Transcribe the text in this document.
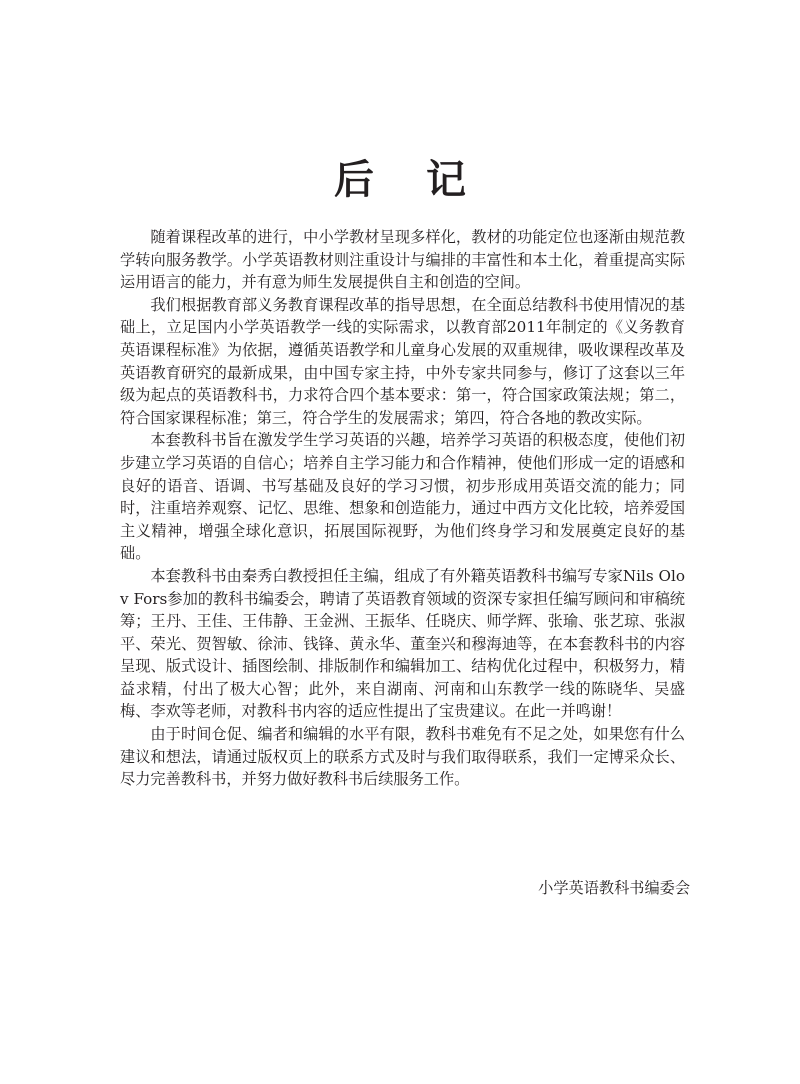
后记

随着课程改革的进行，中小学教材呈现多样化，教材的功能定位也逐渐由规范教学转向服务教学。小学英语教材则注重设计与编排的丰富性和本土化，着重提高实际运用语言的能力，并有意为师生发展提供自主和创造的空间。

我们根据教育部义务教育课程改革的指导思想，在全面总结教科书使用情况的基础上，立足国内小学英语教学一线的实际需求，以教育部2011年制定的《义务教育英语课程标准》为依据，遵循英语教学和儿童身心发展的双重规律，吸收课程改革及英语教育研究的最新成果，由中国专家主持，中外专家共同参与，修订了这套以三年级为起点的英语教科书，力求符合四个基本要求：第一，符合国家政策法规；第二，符合国家课程标准；第三，符合学生的发展需求；第四，符合各地的教改实际。

本套教科书旨在激发学生学习英语的兴趣，培养学习英语的积极态度，使他们初步建立学习英语的自信心；培养自主学习能力和合作精神，使他们形成一定的语感和良好的语音、语调、书写基础及良好的学习习惯，初步形成用英语交流的能力；同时，注重培养观察、记忆、思维、想象和创造能力，通过中西方文化比较，培养爱国主义精神，增强全球化意识，拓展国际视野，为他们终身学习和发展奠定良好的基础。

本套教科书由秦秀白教授担任主编，组成了有外籍英语教科书编写专家Nils Olov Fors参加的教科书编委会，聘请了英语教育领域的资深专家担任编写顾问和审稿统筹；王丹、王佳、王伟静、王金洲、王振华、任晓庆、师学辉、张瑜、张艺琼、张淑平、荣光、贺智敏、徐沛、钱锋、黄永华、董奎兴和穆海迪等，在本套教科书的内容呈现、版式设计、插图绘制、排版制作和编辑加工、结构优化过程中，积极努力，精益求精，付出了极大心智；此外，来自湖南、河南和山东教学一线的陈晓华、吴盛梅、李欢等老师，对教科书内容的适应性提出了宝贵建议。在此一并鸣谢！

由于时间仓促、编者和编辑的水平有限，教科书难免有不足之处，如果您有什么建议和想法，请通过版权页上的联系方式及时与我们取得联系，我们一定博采众长、尽力完善教科书，并努力做好教科书后续服务工作。

小学英语教科书编委会
